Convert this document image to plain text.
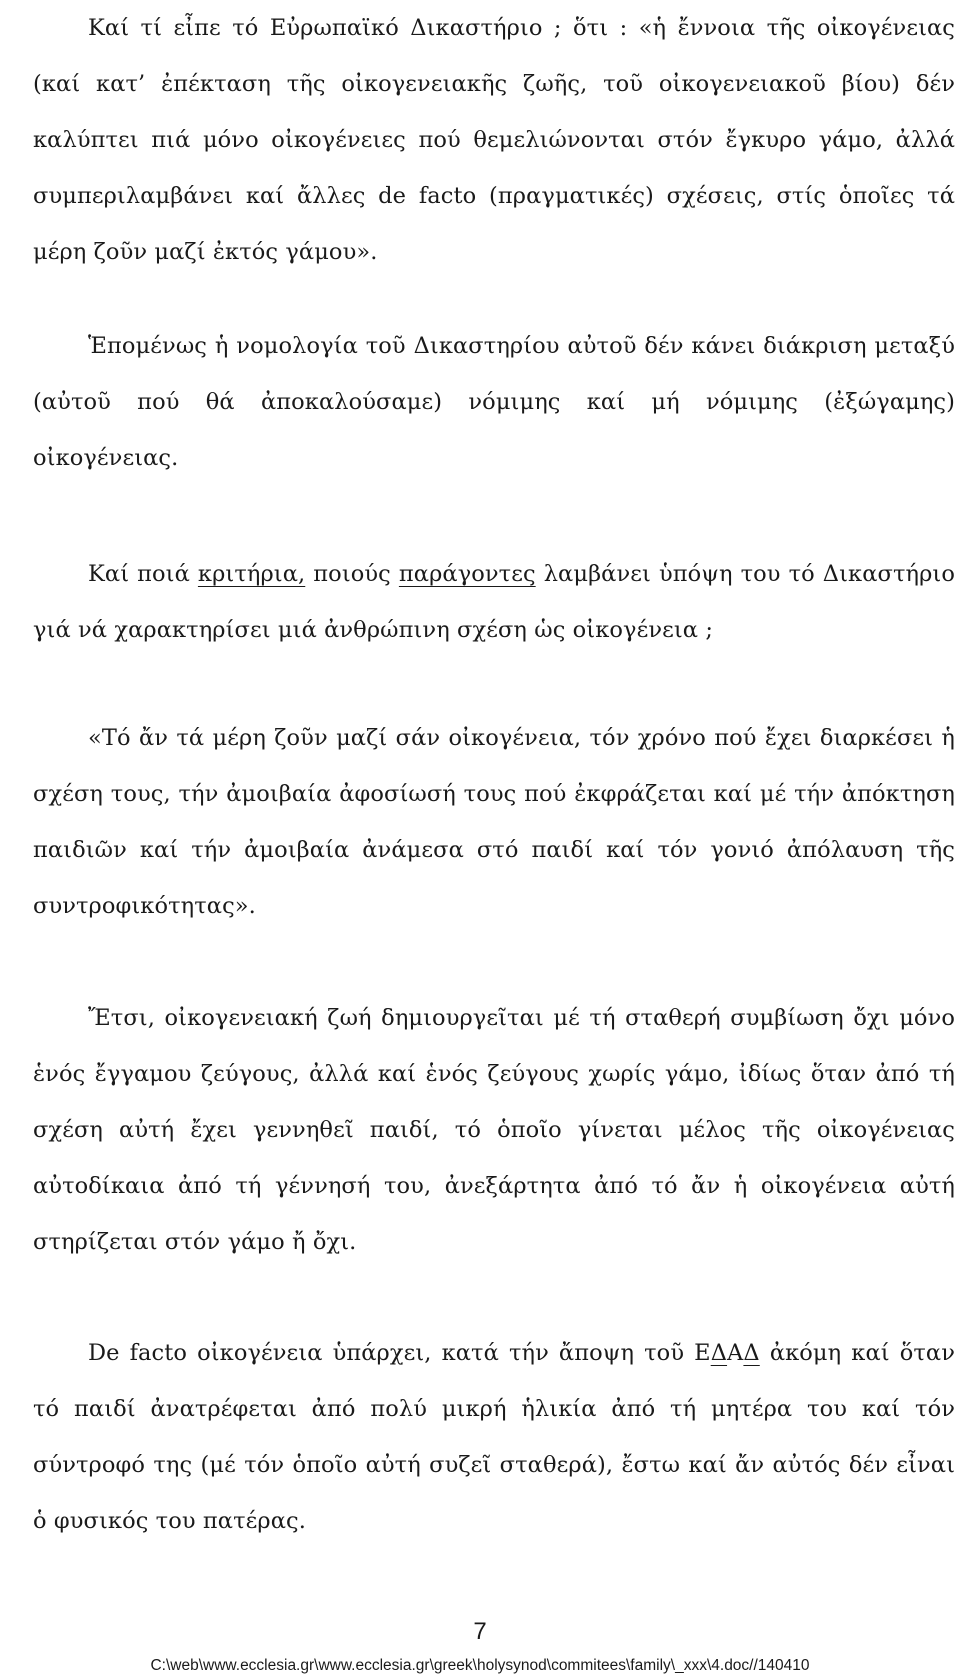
Καί τί εἶπε τό Εὐρωπαϊκό Δικαστήριο ; ὅτι : «ἡ ἔννοια τῆς οἰκογένειας (καί κατ’ ἐπέκταση τῆς οἰκογενειακῆς ζωῆς, τοῦ οἰκογενειακοῦ βίου) δέν καλύπτει πιά μόνο οἰκογένειες πού θεμελιώνονται στόν ἔγκυρο γάμο, ἀλλά συμπεριλαμβάνει καί ἄλλες de facto (πραγματικές) σχέσεις, στίς ὁποῖες τά μέρη ζοῦν μαζί ἐκτός γάμου».

Ἑπομένως ἡ νομολογία τοῦ Δικαστηρίου αὐτοῦ δέν κάνει διάκριση μεταξύ (αὐτοῦ πού θά ἀποκαλούσαμε) νόμιμης καί μή νόμιμης (ἐξώγαμης) οἰκογένειας.

Καί ποιά κριτήρια, ποιούς παράγοντες λαμβάνει ὑπόψη του τό Δικαστήριο γιά νά χαρακτηρίσει μιά ἀνθρώπινη σχέση ὡς οἰκογένεια ;

«Τό ἄν τά μέρη ζοῦν μαζί σάν οἰκογένεια, τόν χρόνο πού ἔχει διαρκέσει ἡ σχέση τους, τήν ἀμοιβαία ἀφοσίωσή τους πού ἐκφράζεται καί μέ τήν ἀπόκτηση παιδιῶν καί τήν ἀμοιβαία ἀνάμεσα στό παιδί καί τόν γονιό ἀπόλαυση τῆς συντροφικότητας».

Ἔτσι, οἰκογενειακή ζωή δημιουργεῖται μέ τή σταθερή συμβίωση ὄχι μόνο ἑνός ἔγγαμου ζεύγους, ἀλλά καί ἑνός ζεύγους χωρίς γάμο, ἰδίως ὅταν ἀπό τή σχέση αὐτή ἔχει γεννηθεῖ παιδί, τό ὁποῖο γίνεται μέλος τῆς οἰκογένειας αὐτοδίκαια ἀπό τή γέννησή του, ἀνεξάρτητα ἀπό τό ἄν ἡ οἰκογένεια αὐτή στηρίζεται στόν γάμο ἤ ὄχι.

De facto οἰκογένεια ὑπάρχει, κατά τήν ἄποψη τοῦ ΕΔΑΔ ἀκόμη καί ὅταν τό παιδί ἀνατρέφεται ἀπό πολύ μικρή ἡλικία ἀπό τή μητέρα του καί τόν σύντροφό της (μέ τόν ὁποῖο αὐτή συζεῖ σταθερά), ἔστω καί ἄν αὐτός δέν εἶναι ὁ φυσικός του πατέρας.

7
C:\web\www.ecclesia.gr\www.ecclesia.gr\greek\holysynod\commitees\family\_xxx\4.doc//140410
